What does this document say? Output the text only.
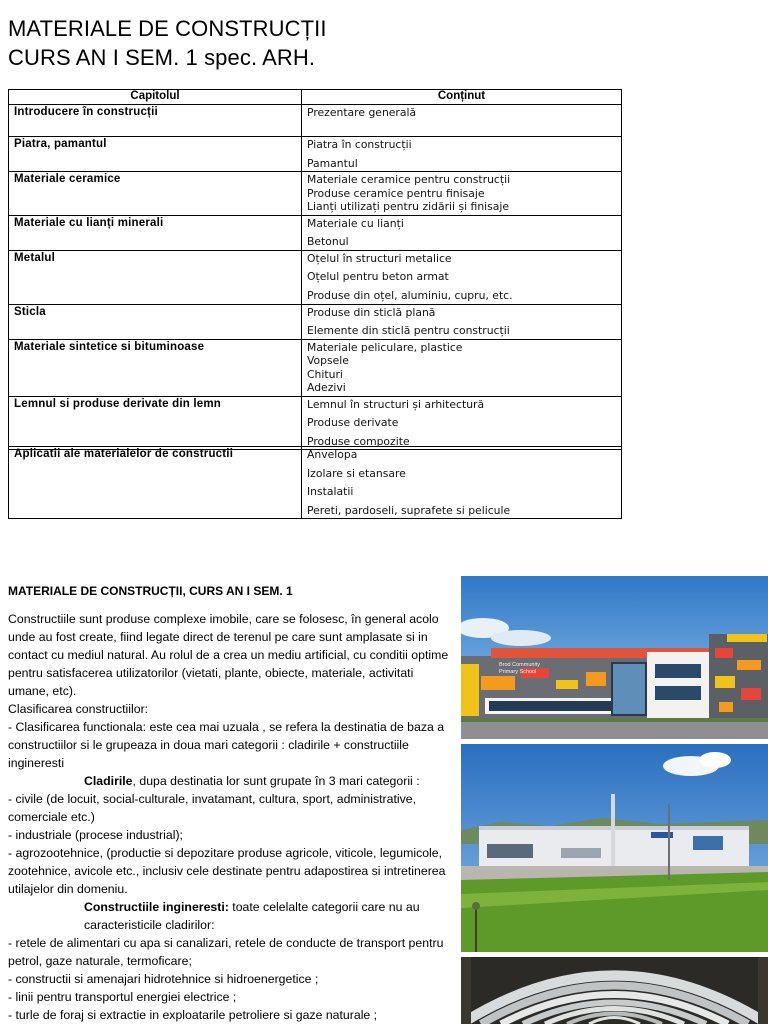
MATERIALE DE CONSTRUCȚII
CURS AN I SEM. 1 spec. ARH.
Capitolul	Conținut
Introducere în construcții	Prezentare generală

Piatra, pamantul	Piatra în construcții
Pamantul

Materiale ceramice	Materiale ceramice pentru construcții
Produse ceramice pentru finisaje
Lianți utilizați pentru zidării și finisaje

Materiale cu lianți minerali	Materiale cu lianți
Betonul

Metalul	Oțelul în structuri metalice
Oțelul pentru beton armat
Produse din oțel, aluminiu, cupru, etc.

Sticla	Produse din sticlă plană
Elemente din sticlă pentru construcții

Materiale sintetice si bituminoase	Materiale peliculare, plastice
Vopsele
Chituri
Adezivi

Lemnul si produse derivate din lemn	Lemnul în structuri și arhitectură
Produse derivate
Produse compozite
Aplicatii ale materialelor de constructii	Anvelopa
Izolare si etansare
Instalatii
Pereti, pardoseli, suprafete si pelicule
MATERIALE DE CONSTRUCȚII, CURS AN I SEM. 1

Constructiile sunt produse complexe imobile, care se folosesc, în general acolo unde au fost create, fiind legate direct de terenul pe care sunt amplasate si in contact cu mediul natural. Au rolul de a crea un mediu artificial, cu conditii optime pentru satisfacerea utilizatorilor (vietati, plante, obiecte, materiale, activitati umane, etc).

Clasificarea constructiilor:

- Clasificarea functionala: este cea mai uzuala , se refera la destinatia de baza a constructiilor si le grupeaza in doua mari categorii : cladirile + constructiile ingineresti

Cladirile, dupa destinatia lor sunt grupate în 3 mari categorii :

- civile (de locuit, social-culturale, invatamant, cultura, sport, administrative, comerciale etc.)

- industriale (procese industrial);

- agrozootehnice, (productie si depozitare produse agricole, viticole, legumicole, zootehnice, avicole etc., inclusiv cele destinate pentru adapostirea si intretinerea utilajelor din domeniu.

Constructiile ingineresti: toate celelalte categorii care nu au caracteristicile cladirilor:

- retele de alimentari cu apa si canalizari, retele de conducte de transport pentru petrol, gaze naturale, termoficare;

- constructii si amenajari hidrotehnice si hidroenergetice ;

- linii pentru transportul energiei electrice ;

- turle de foraj si extractie in exploatarile petroliere si gaze naturale ;

Brod Community
Primary School
